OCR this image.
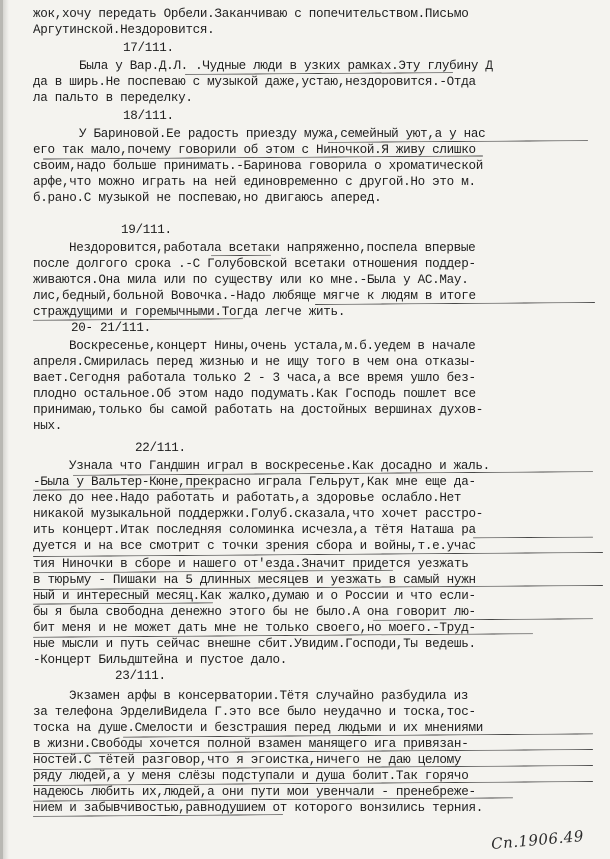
жок,хочу передать Орбели.Заканчиваю с попечительством.Письмо

Аргутинской.Нездоровится.

17/111.

Была у Вар.Д.Л. .Чудные люди в узких рамках.Эту глубину Д

да в ширь.Не поспеваю с музыкой даже,устаю,нездоровится.-Отда

ла пальто в переделку.

18/111.

У Бариновой.Ее радость приезду мужа,семейный уют,а у нас

его так мало,почему говорили об этом с Ниночкой.Я живу слишко

своим,надо больше принимать.-Баринова говорила о хроматической

арфе,что можно играть на ней единовременно с другой.Но это м.

б.рано.С музыкой не поспеваю,но двигаюсь аперед.

19/111.

Нездоровится,работала всетаки напряженно,поспела впервые

после долгого срока .-С Голубовской всетаки отношения поддер-

живаются.Она мила или по существу или ко мне.-Была у АС.Мау.

лис,бедный,больной Вовочка.-Надо любяще мягче к людям в итоге

страждущими и горемычными.Тогда легче жить.

20- 21/111.

Воскресенье,концерт Нины,очень устала,м.б.уедем в начале

апреля.Смирилась перед жизнью и не ищу того в чем она отказы-

вает.Сегодня работала только 2 - 3 часа,а все время ушло без-

плодно остальное.Об этом надо подумать.Как Господь пошлет все

принимаю,только бы самой работать на достойных вершинах духов-

ных.

22/111.

Узнала что Гандшин играл в воскресенье.Как досадно и жаль.

-Была у Вальтер-Кюне,прекрасно играла Гельрут,Как мне еще да-

леко до нее.Надо работать и работать,а здоровье ослабло.Нет

никакой музыкальной поддержки.Голуб.сказала,что хочет расстро-

ить концерт.Итак последняя соломинка исчезла,а тётя Наташа ра

дуется и на все смотрит с точки зрения сбора и войны,т.е.учас

тия Ниночки в сборе и нашего от'езда.Значит придется уезжать

в тюрьму - Пишаки на 5 длинных месяцев и уезжать в самый нужн

ный и интересный месяц.Как жалко,думаю и о России и что если-

бы я была свободна денежно этого бы не было.А она говорит лю-

бит меня и не может дать мне не только своего,но моего.-Труд-

ные мысли и путь сейчас внешне сбит.Увидим.Господи,Ты ведешь.

-Концерт Бильдштейна и пустое дало.

23/111.

Экзамен арфы в консерватории.Тётя случайно разбудила из

за телефона ЭрделиВидела Г.это все было неудачно и тоска,тос-

тоска на душе.Смелости и безстрашия перед людьми и их мнениями

в жизни.Свободы хочется полной взамен манящего ига привязан-

ностей.С тётей разговор,что я эгоистка,ничего не даю целому

ряду людей,а у меня слёзы подступали и душа болит.Так горячо

надеюсь любить их,людей,а они пути мои увенчали - пренебреже-

нием и забывчивостью,равнодушием от которого вонзились терния.

Сп.1906.49
